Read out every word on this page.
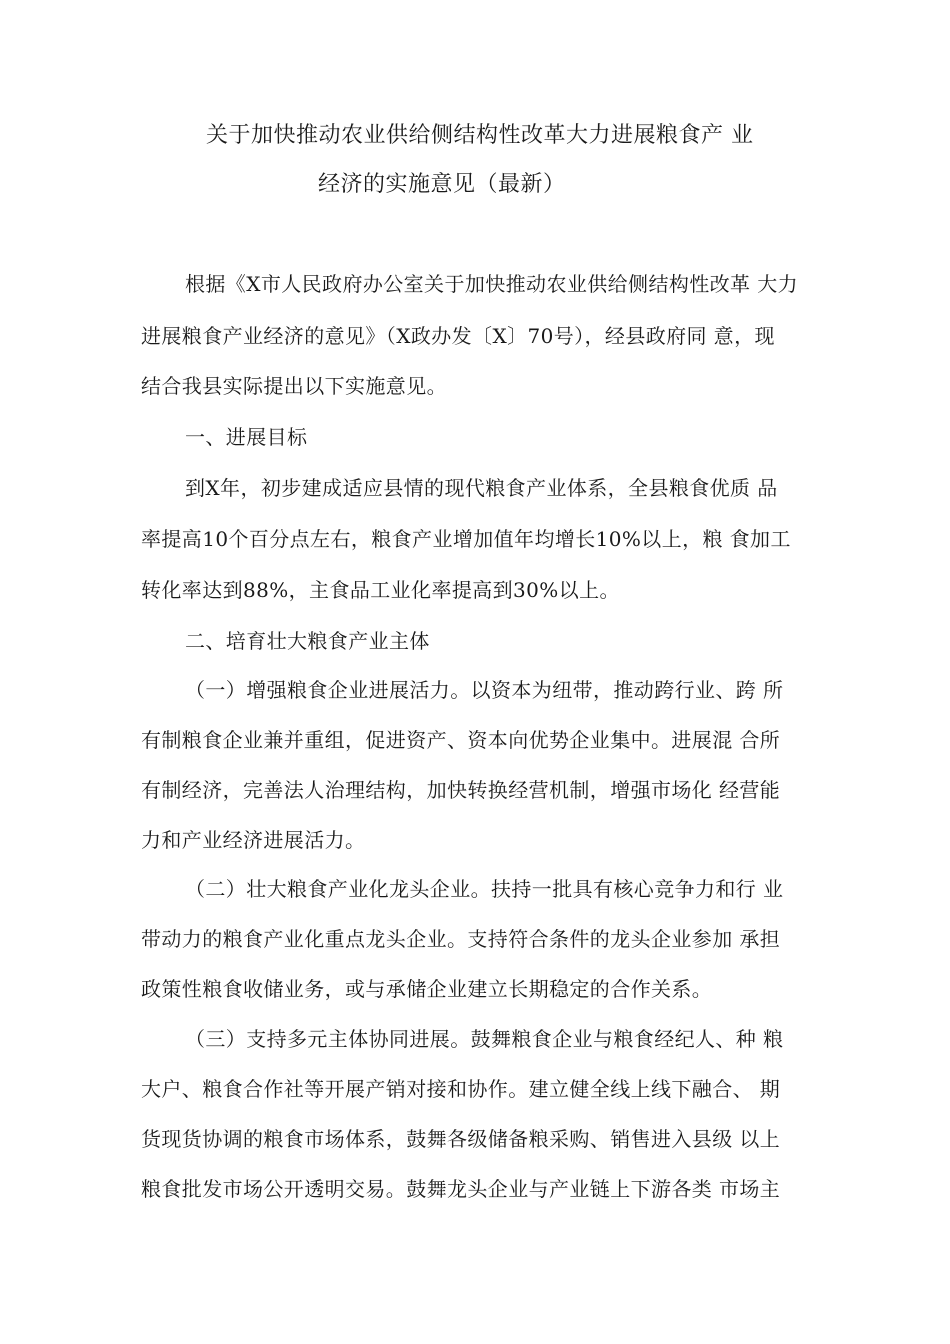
关于加快推动农业供给侧结构性改革大力进展粮食产 业
经济的实施意见（最新）
根据《X市人民政府办公室关于加快推动农业供给侧结构性改革 大力
进展粮食产业经济的意见》（X政办发〔X〕70号），经县政府同 意，现
结合我县实际提出以下实施意见。
一、进展目标
到X年，初步建成适应县情的现代粮食产业体系，全县粮食优质 品
率提高10个百分点左右，粮食产业增加值年均增长10%以上，粮 食加工
转化率达到88%，主食品工业化率提高到30%以上。
二、培育壮大粮食产业主体
（一）增强粮食企业进展活力。以资本为纽带，推动跨行业、跨 所
有制粮食企业兼并重组，促进资产、资本向优势企业集中。进展混 合所
有制经济，完善法人治理结构，加快转换经营机制，增强市场化 经营能
力和产业经济进展活力。
（二）壮大粮食产业化龙头企业。扶持一批具有核心竞争力和行 业
带动力的粮食产业化重点龙头企业。支持符合条件的龙头企业参加 承担
政策性粮食收储业务，或与承储企业建立长期稳定的合作关系。
（三）支持多元主体协同进展。鼓舞粮食企业与粮食经纪人、种 粮
大户、粮食合作社等开展产销对接和协作。建立健全线上线下融合、 期
货现货协调的粮食市场体系，鼓舞各级储备粮采购、销售进入县级 以上
粮食批发市场公开透明交易。鼓舞龙头企业与产业链上下游各类 市场主
